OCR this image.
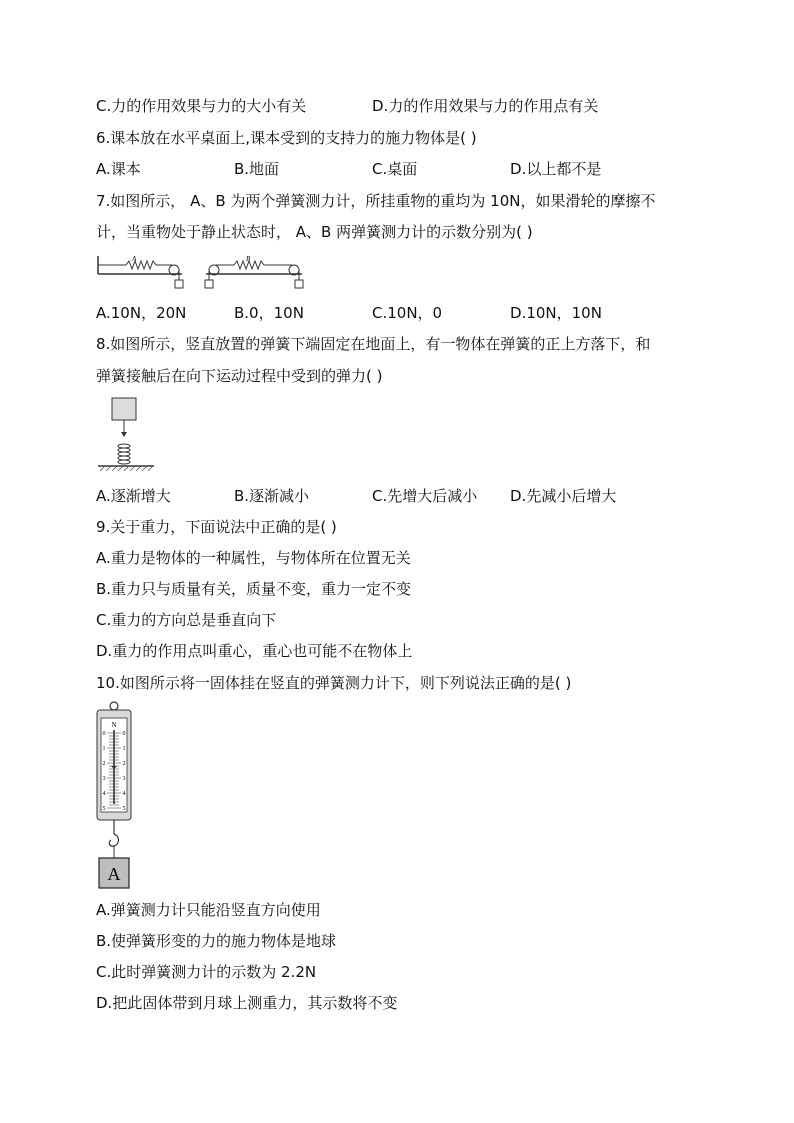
C.力的作用效果与力的大小有关	D.力的作用效果与力的作用点有关
6.课本放在水平桌面上,课本受到的支持力的施力物体是( )
A.课本	B.地面	C.桌面	D.以上都不是
7.如图所示， A、B 为两个弹簧测力计，所挂重物的重均为 10N，如果滑轮的摩擦不
计，当重物处于静止状态时， A、B 两弹簧测力计的示数分别为( )
A	B
A.10N，20N	B.0，10N	C.10N，0	D.10N，10N
8.如图所示，竖直放置的弹簧下端固定在地面上，有一物体在弹簧的正上方落下，和
弹簧接触后在向下运动过程中受到的弹力( )
A.逐渐增大	B.逐渐减小	C.先增大后减小 D.先减小后增大
9.关于重力，下面说法中正确的是( )
A.重力是物体的一种属性，与物体所在位置无关
B.重力只与质量有关，质量不变，重力一定不变
C.重力的方向总是垂直向下
D.重力的作用点叫重心，重心也可能不在物体上
10.如图所示将一固体挂在竖直的弹簧测力计下，则下列说法正确的是( )
N
0	0
1	1
2	2
3	3
4	4
5	5
A
A.弹簧测力计只能沿竖直方向使用
B.使弹簧形变的力的施力物体是地球
C.此时弹簧测力计的示数为 2.2N
D.把此固体带到月球上测重力，其示数将不变
